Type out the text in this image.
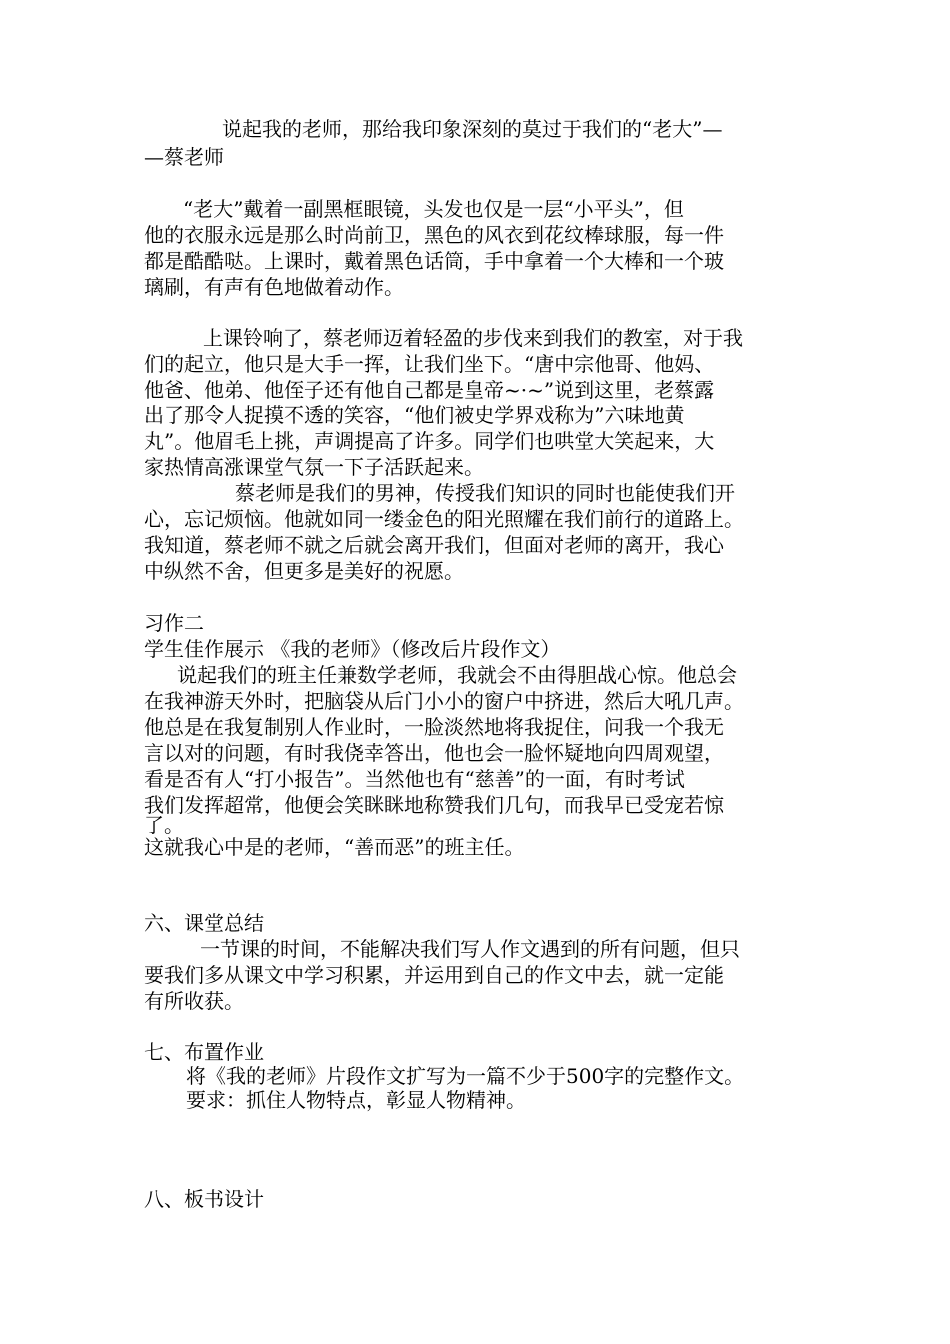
说起我的老师，那给我印象深刻的莫过于我们的“老大”—

—蔡老师

“老大”戴着一副黑框眼镜，头发也仅是一层“小平头”，但

他的衣服永远是那么时尚前卫，黑色的风衣到花纹棒球服，每一件

都是酷酷哒。上课时，戴着黑色话筒，手中拿着一个大棒和一个玻

璃刷，有声有色地做着动作。

上课铃响了，蔡老师迈着轻盈的步伐来到我们的教室，对于我

们的起立，他只是大手一挥，让我们坐下。“唐中宗他哥、他妈、

他爸、他弟、他侄子还有他自己都是皇帝~·~”说到这里，老蔡露

出了那令人捉摸不透的笑容，“他们被史学界戏称为”六味地黄

丸”。他眉毛上挑，声调提高了许多。同学们也哄堂大笑起来，大

家热情高涨课堂气氛一下子活跃起来。

蔡老师是我们的男神，传授我们知识的同时也能使我们开

心，忘记烦恼。他就如同一缕金色的阳光照耀在我们前行的道路上。

我知道，蔡老师不就之后就会离开我们，但面对老师的离开，我心

中纵然不舍，但更多是美好的祝愿。

习作二

学生佳作展示 《我的老师》（修改后片段作文）

说起我们的班主任兼数学老师，我就会不由得胆战心惊。他总会

在我神游天外时，把脑袋从后门小小的窗户中挤进，然后大吼几声。

他总是在我复制别人作业时，一脸淡然地将我捉住，问我一个我无

言以对的问题，有时我侥幸答出，他也会一脸怀疑地向四周观望，

看是否有人“打小报告”。当然他也有“慈善”的一面，有时考试

我们发挥超常，他便会笑眯眯地称赞我们几句，而我早已受宠若惊

了。

这就我心中是的老师，“善而恶”的班主任。

六、课堂总结

一节课的时间，不能解决我们写人作文遇到的所有问题，但只

要我们多从课文中学习积累，并运用到自己的作文中去，就一定能

有所收获。

七、布置作业

将《我的老师》片段作文扩写为一篇不少于500字的完整作文。

要求：抓住人物特点，彰显人物精神。

八、板书设计
